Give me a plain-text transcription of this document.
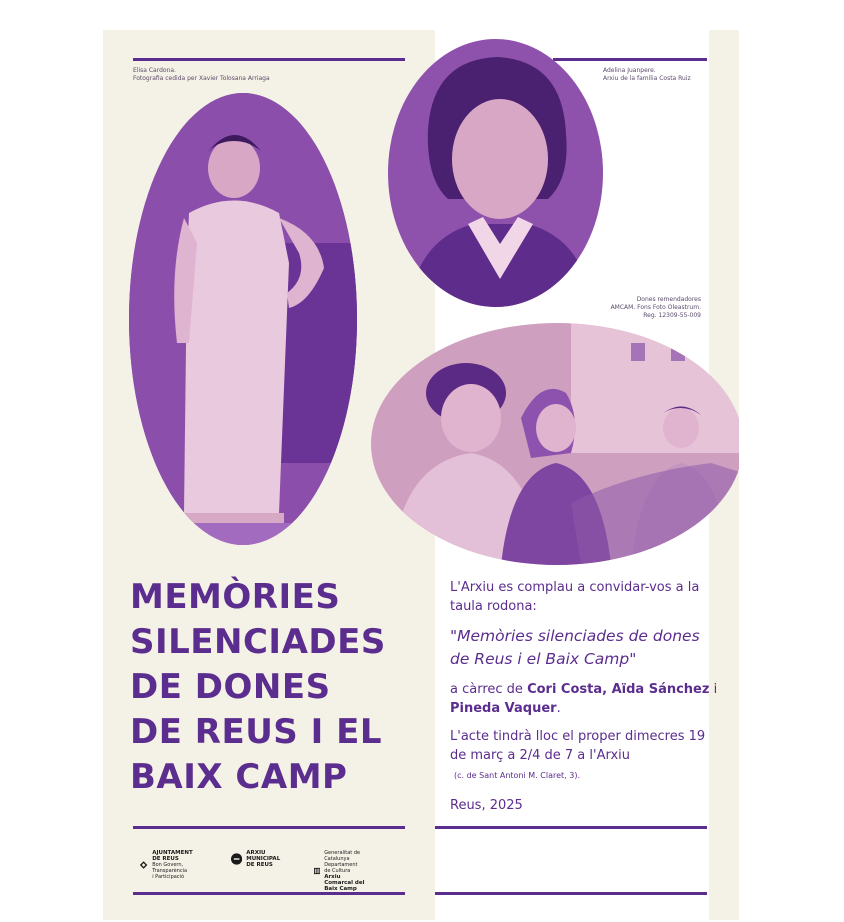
Elisa Cardona.
Fotografia cedida per Xavier Tolosana Arriaga
Adelina Juanpere.
Arxiu de la família Costa Ruiz
Dones remendadores
AMCAM. Fons Foto Oleastrum.
Reg. 12309-55-009
MEMÒRIES
SILENCIADES
DE DONES
DE REUS I EL
BAIX CAMP

L'Arxiu es complau a convidar-vos a la taula rodona:

"Memòries silenciades de dones de Reus i el Baix Camp"

a càrrec de Cori Costa, Aïda Sánchez i Pineda Vaquer.

L'acte tindrà lloc el proper dimecres 19 de març a 2/4 de 7 a l'Arxiu
(c. de Sant Antoni M. Claret, 3).

Reus, 2025

AJUNTAMENT DE REUS
Bon Govern, Transparència
i Participació
ARXIU MUNICIPAL
DE REUS
Generalitat de Catalunya
Departament de Cultura
Arxiu Comarcal del Baix Camp
